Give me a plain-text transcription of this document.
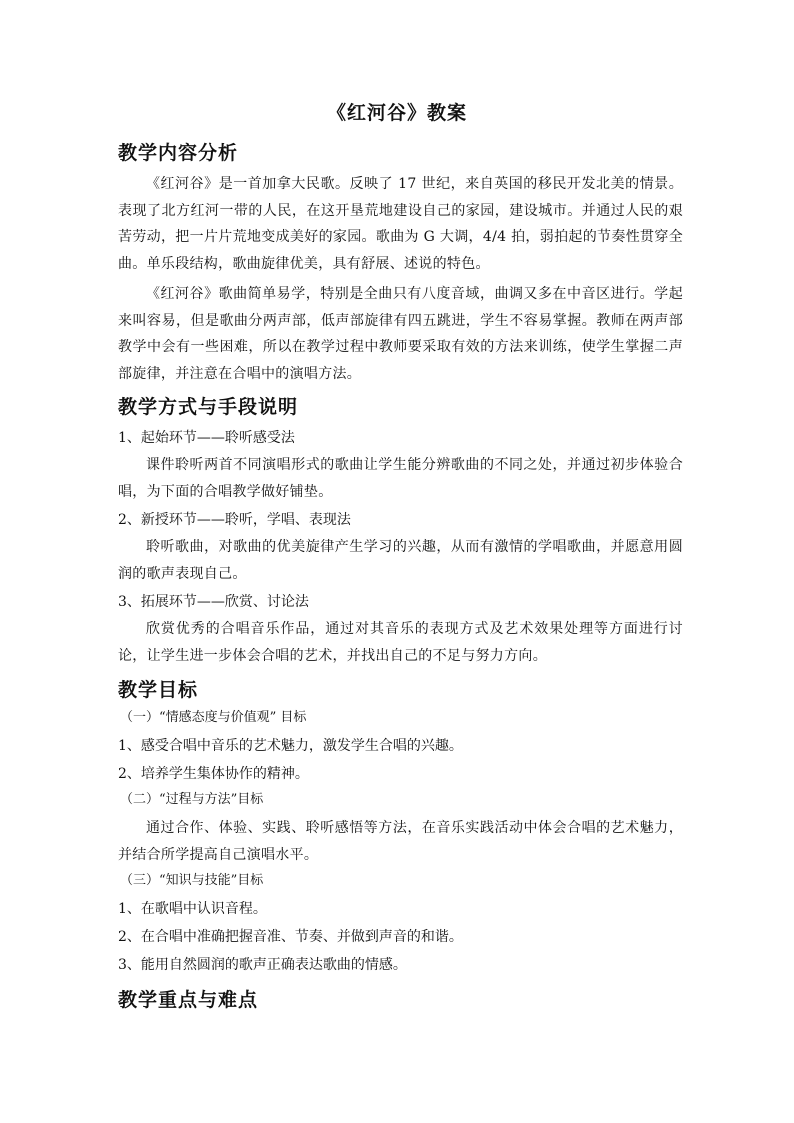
《红河谷》教案
教学内容分析
《红河谷》是一首加拿大民歌。反映了 17 世纪，来自英国的移民开发北美的情景。表现了北方红河一带的人民，在这开垦荒地建设自己的家园，建设城市。并通过人民的艰苦劳动，把一片片荒地变成美好的家园。歌曲为 G 大调，4/4 拍，弱拍起的节奏性贯穿全曲。单乐段结构，歌曲旋律优美，具有舒展、述说的特色。
《红河谷》歌曲简单易学，特别是全曲只有八度音域，曲调又多在中音区进行。学起来叫容易，但是歌曲分两声部，低声部旋律有四五跳进，学生不容易掌握。教师在两声部教学中会有一些困难，所以在教学过程中教师要采取有效的方法来训练，使学生掌握二声部旋律，并注意在合唱中的演唱方法。
教学方式与手段说明
1、起始环节——聆听感受法
课件聆听两首不同演唱形式的歌曲让学生能分辨歌曲的不同之处，并通过初步体验合唱，为下面的合唱教学做好铺垫。
2、新授环节——聆听，学唱、表现法
聆听歌曲，对歌曲的优美旋律产生学习的兴趣，从而有激情的学唱歌曲，并愿意用圆润的歌声表现自己。
3、拓展环节——欣赏、讨论法
欣赏优秀的合唱音乐作品，通过对其音乐的表现方式及艺术效果处理等方面进行讨论，让学生进一步体会合唱的艺术，并找出自己的不足与努力方向。
教学目标
（一）“情感态度与价值观” 目标
1、感受合唱中音乐的艺术魅力，激发学生合唱的兴趣。
2、培养学生集体协作的精神。
（二）“过程与方法”目标
通过合作、体验、实践、聆听感悟等方法，在音乐实践活动中体会合唱的艺术魅力，并结合所学提高自己演唱水平。
（三）“知识与技能”目标
1、在歌唱中认识音程。
2、在合唱中准确把握音准、节奏、并做到声音的和谐。
3、能用自然圆润的歌声正确表达歌曲的情感。
教学重点与难点
